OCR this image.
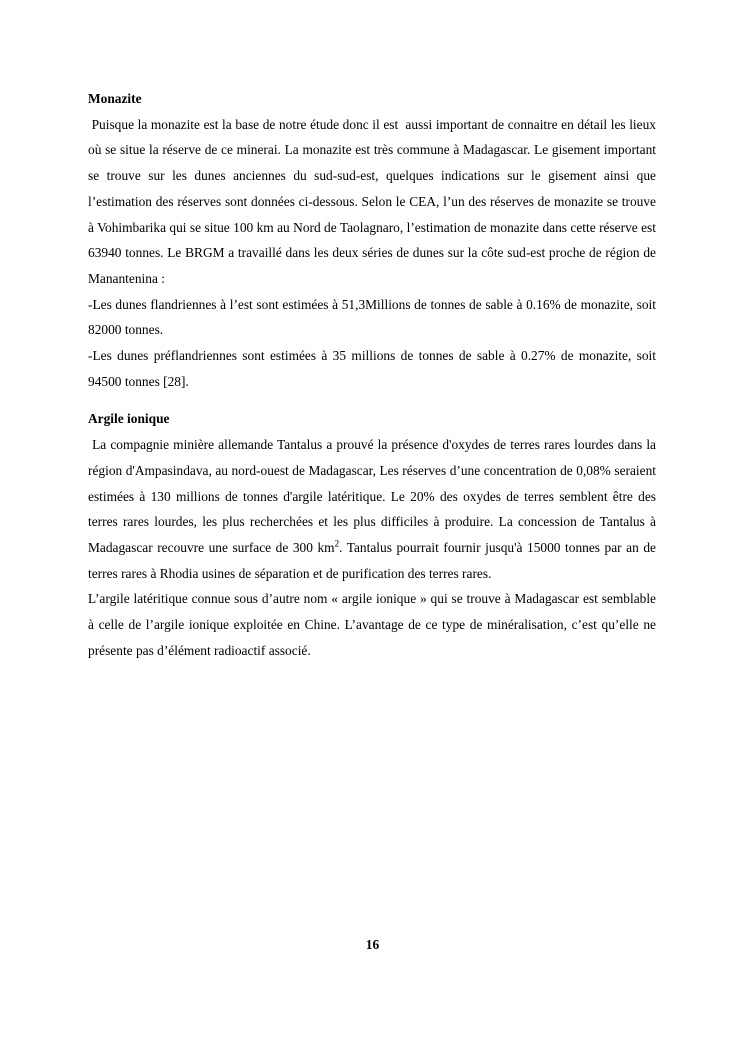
Monazite

Puisque la monazite est la base de notre étude donc il est  aussi important de connaitre en détail les lieux où se situe la réserve de ce minerai. La monazite est très commune à Madagascar. Le gisement important se trouve sur les dunes anciennes du sud-sud-est, quelques indications sur le gisement ainsi que l’estimation des réserves sont données ci-dessous. Selon le CEA, l’un des réserves de monazite se trouve à Vohimbarika qui se situe 100 km au Nord de Taolagnaro, l’estimation de monazite dans cette réserve est 63940 tonnes. Le BRGM a travaillé dans les deux séries de dunes sur la côte sud-est proche de région de Manantenina :

-Les dunes flandriennes à l’est sont estimées à 51,3Millions de tonnes de sable à 0.16% de monazite, soit 82000 tonnes.

-Les dunes préflandriennes sont estimées à 35 millions de tonnes de sable à 0.27% de monazite, soit 94500 tonnes [28].

Argile ionique

La compagnie minière allemande Tantalus a prouvé la présence d'oxydes de terres rares lourdes dans la région d'Ampasindava, au nord-ouest de Madagascar, Les réserves d’une concentration de 0,08% seraient estimées à 130 millions de tonnes d'argile latéritique. Le 20% des oxydes de terres semblent être des terres rares lourdes, les plus recherchées et les plus difficiles à produire. La concession de Tantalus à Madagascar recouvre une surface de 300 $km^2$. Tantalus pourrait fournir jusqu'à 15000 tonnes par an de terres rares à Rhodia usines de séparation et de purification des terres rares.

L’argile latéritique connue sous d’autre nom « argile ionique » qui se trouve à Madagascar est semblable à celle de l’argile ionique exploitée en Chine. L’avantage de ce type de minéralisation, c’est qu’elle ne présente pas d’élément radioactif associé.

16
